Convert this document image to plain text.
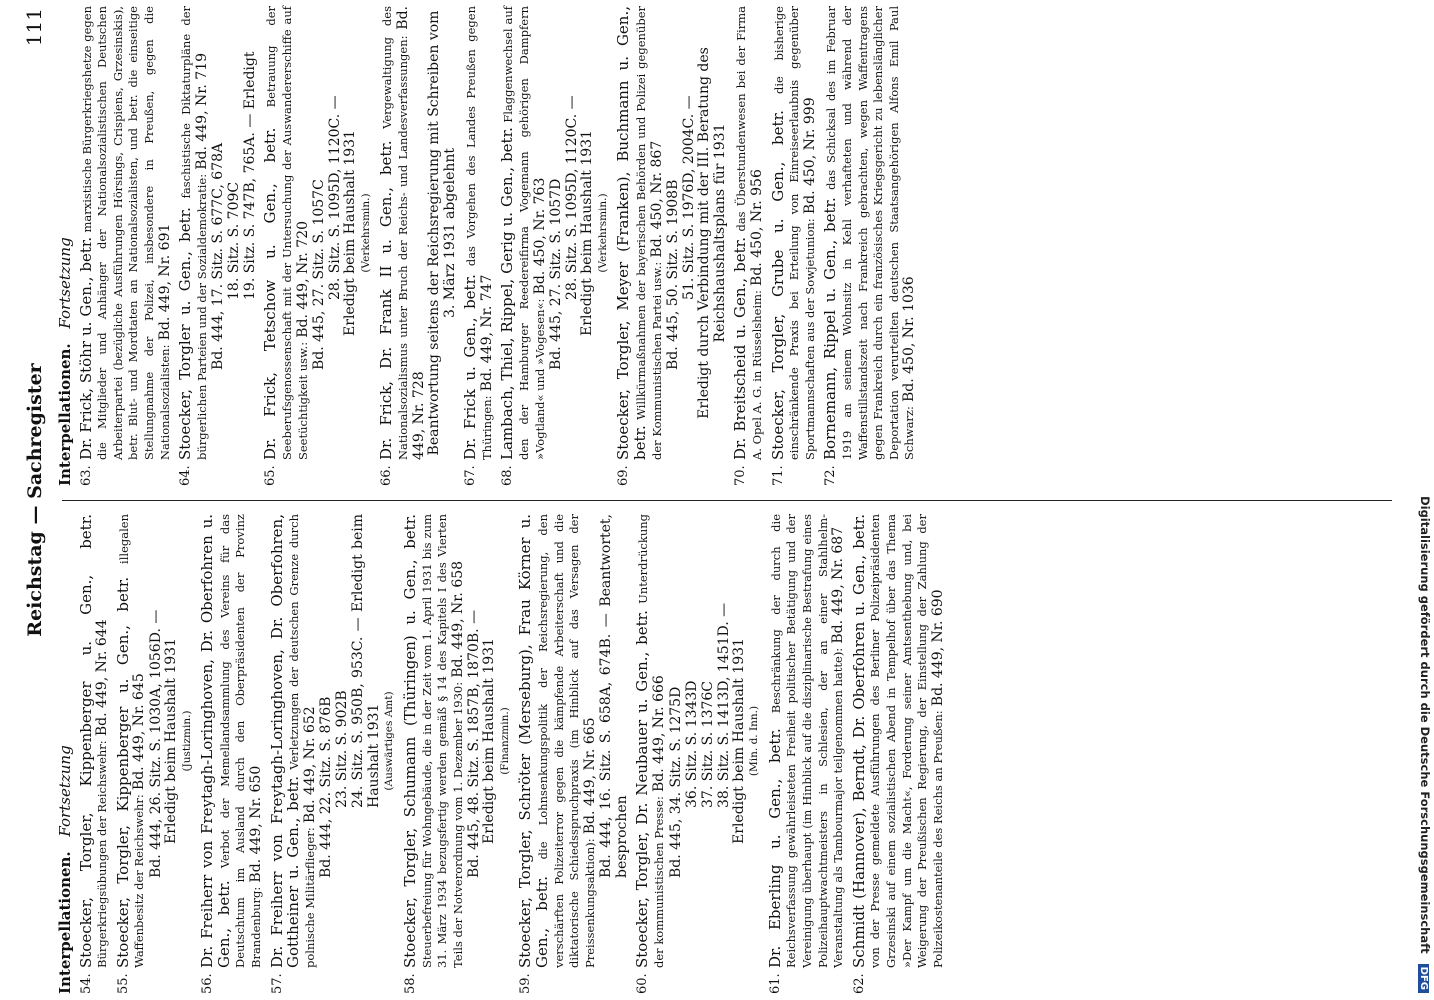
Reichstag — Sachregister
111
Interpellationen. Fortsetzung
54.
Stoecker, Torgler, Kippenberger u. Gen., betr. Bürgerkriegsübungen der Reichswehr: Bd. 449, Nr. 644
55.
Stoecker, Torgler, Kippenberger u. Gen., betr. illegalen Waffenbesitz der Reichswehr: Bd. 449, Nr. 645 Bd. 444, 26. Sitz. S. 1030A, 1056D. — Erledigt beim Haushalt 1931 (Justizmin.)
56.
Dr. Freiherr von Freytagh-Loringhoven, Dr. Oberfohren u. Gen., betr. Verbot der Memellandsammlung des Vereins für das Deutschtum im Ausland durch den Oberpräsidenten der Provinz Brandenburg: Bd. 449, Nr. 650
57.
Dr. Freiherr von Freytagh-Loringhoven, Dr. Oberfohren, Gottheiner u. Gen., betr. Verletzungen der deutschen Grenze durch polnische Militärflieger: Bd. 449, Nr. 652 Bd. 444, 22. Sitz. S. 876B 23. Sitz. S. 902B 24. Sitz. S. 950B, 953C. — Erledigt beim Haushalt 1931 (Auswärtiges Amt)
58.
Stoecker, Torgler, Schumann (Thüringen) u. Gen., betr. Steuerbefreiung für Wohngebäude, die in der Zeit vom 1. April 1931 bis zum 31. März 1934 bezugsfertig werden gemäß § 14 des Kapitels I des Vierten Teils der Notverordnung vom 1. Dezember 1930: Bd. 449, Nr. 658 Bd. 445, 48. Sitz. S. 1857B, 1870B. — Erledigt beim Haushalt 1931 (Finanzmin.)
59.
Stoecker, Torgler, Schröter (Merseburg), Frau Körner u. Gen., betr. die Lohnsenkungspolitik der Reichsregierung, den verschärften Polizeiterror gegen die kämpfende Arbeiterschaft und die diktatorische Schiedsspruchpraxis (im Hinblick auf das Versagen der Preissenkungsaktion): Bd. 449, Nr. 665 Bd. 444, 16. Sitz. S. 658A, 674B. — Beantwortet, besprochen
60.
Stoecker, Torgler, Dr. Neubauer u. Gen., betr. Unterdrückung der kommunistischen Presse: Bd. 449, Nr. 666 Bd. 445, 34. Sitz. S. 1275D 36. Sitz. S. 1343D 37. Sitz. S. 1376C 38. Sitz. S. 1413D, 1451D. — Erledigt beim Haushalt 1931 (Min. d. Inn.)
61.
Dr. Eberling u. Gen., betr. Beschränkung der durch die Reichsverfassung gewährleisteten Freiheit politischer Betätigung und der Vereinigung überhaupt (im Hinblick auf die disziplinarische Bestrafung eines Polizeihauptwachtmeisters in Schlesien, der an einer Stahlhelm-Veranstaltung als Tambourmajor teilgenommen hatte): Bd. 449, Nr. 687
62.
Schmidt (Hannover), Berndt, Dr. Oberfohren u. Gen., betr. von der Presse gemeldete Ausführungen des Berliner Polizeipräsidenten Grzesinski auf einem sozialistischen Abend in Tempelhof über das Thema »Der Kampf um die Macht«, Forderung seiner Amtsenthebung und, bei Weigerung der Preußischen Regierung, der Einstellung der Zahlung der Polizeikostenanteile des Reichs an Preußen: Bd. 449, Nr. 690
Interpellationen. Fortsetzung
63.
Dr. Frick, Stöhr u. Gen., betr. marxistische Bürgerkriegshetze gegen die Mitglieder und Anhänger der Nationalsozialistischen Deutschen Arbeiterpartei (bezügliche Ausführungen Hörsings, Crispiens, Grzesinskis), betr. Blut- und Mordtaten an Nationalsozialisten, und betr. die einseitige Stellungnahme der Polizei, insbesondere in Preußen, gegen die Nationalsozialisten: Bd. 449, Nr. 691
64.
Stoecker, Torgler u. Gen., betr. faschistische Diktaturpläne der bürgerlichen Parteien und der Sozialdemokratie: Bd. 449, Nr. 719
Bd. 444, 17. Sitz. S. 677C, 678A 18. Sitz. S. 709C 19. Sitz. S. 747B, 765A. — Erledigt
65.
Dr. Frick, Tetschow u. Gen., betr. Betrauung der Seeberufsgenossenschaft mit der Untersuchung der Auswandererschiffe auf Seetüchtigkeit usw.: Bd. 449, Nr. 720 Bd. 445, 27. Sitz. S. 1057C 28. Sitz. S. 1095D, 1120C. — Erledigt beim Haushalt 1931 (Verkehrsmin.)
66.
Dr. Frick, Dr. Frank II u. Gen., betr. Vergewaltigung des Nationalsozialismus unter Bruch der Reichs- und Landesverfassungen: Bd. 449, Nr. 728 Beantwortung seitens der Reichsregierung mit Schreiben vom 3. März 1931 abgelehnt
67.
Dr. Frick u. Gen., betr. das Vorgehen des Landes Preußen gegen Thüringen: Bd. 449, Nr. 747
68.
Lambach, Thiel, Rippel, Gerig u. Gen., betr. Flaggenwechsel auf den der Hamburger Reedereifirma Vogemann gehörigen Dampfern »Vogtland« und »Vogesen«: Bd. 450, Nr. 763 Bd. 445, 27. Sitz. S. 1057D 28. Sitz. S. 1095D, 1120C. — Erledigt beim Haushalt 1931 (Verkehrsmin.)
69.
Stoecker, Torgler, Meyer (Franken), Buchmann u. Gen., betr. Willkürmaßnahmen der bayerischen Behörden und Polizei gegenüber der Kommunistischen Partei usw.: Bd. 450, Nr. 867 Bd. 445, 50. Sitz. S. 1908B 51. Sitz. S. 1976D, 2004C. — Erledigt durch Verbindung mit der III. Beratung des Reichshaushaltsplans für 1931
70.
Dr. Breitscheid u. Gen., betr. das Überstundenwesen bei der Firma A. Opel A. G. in Rüsselsheim: Bd. 450, Nr. 956
71.
Stoecker, Torgler, Grube u. Gen., betr. die bisherige einschränkende Praxis bei Erteilung von Einreiseerlaubnis gegenüber Sportmannschaften aus der Sowjetunion: Bd. 450, Nr. 999
72.
Bornemann, Rippel u. Gen., betr. das Schicksal des im Februar 1919 an seinem Wohnsitz in Kehl verhafteten und während der Waffenstillstandszeit nach Frankreich gebrachten, wegen Waffentragens gegen Frankreich durch ein französisches Kriegsgericht zu lebenslänglicher Deportation verurteilten deutschen Staatsangehörigen Alfons Emil Paul Schwarz: Bd. 450, Nr. 1036
Digitalisierung gefördert durch die Deutsche Forschungsgemeinschaft DFG
